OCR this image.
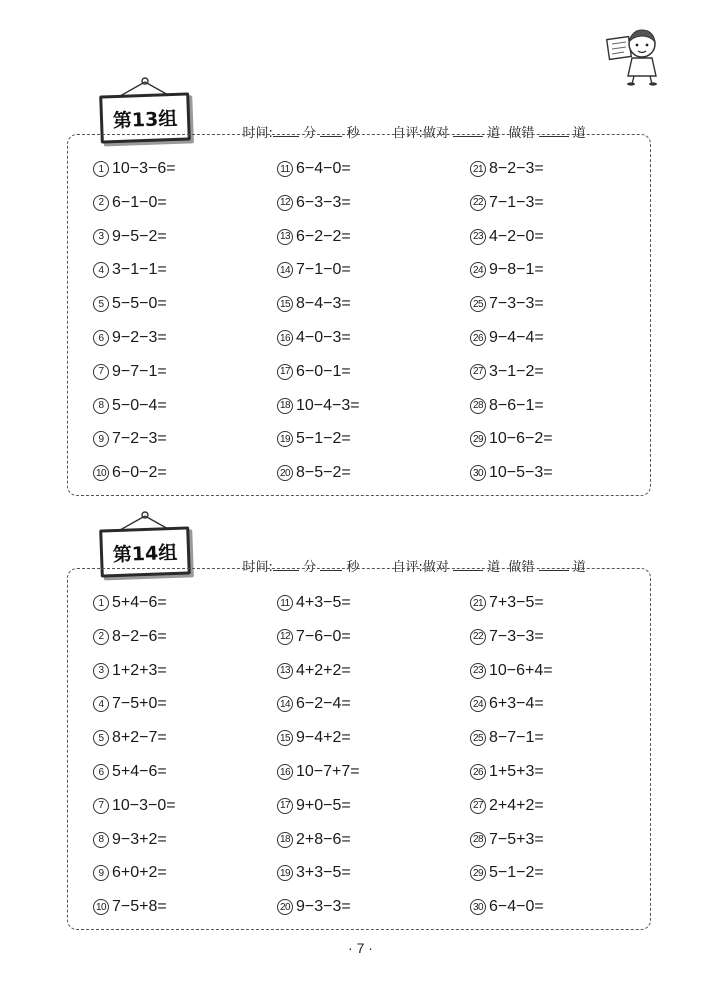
第13组

时间: 分 秒	自评:做对	道 做错	道

1 10−3−6=
2 6−1−0=
3 9−5−2=
4 3−1−1=
5 5−5−0=
6 9−2−3=
7 9−7−1=
8 5−0−4=
9 7−2−3=
10 6−0−2=
11 6−4−0=
12 6−3−3=
13 6−2−2=
14 7−1−0=
15 8−4−3=
16 4−0−3=
17 6−0−1=
18 10−4−3=
19 5−1−2=
20 8−5−2=
21 8−2−3=
22 7−1−3=
23 4−2−0=
24 9−8−1=
25 7−3−3=
26 9−4−4=
27 3−1−2=
28 8−6−1=
29 10−6−2=
30 10−5−3=
第14组

时间: 分 秒	自评:做对	道 做错	道

1 5+4−6=
2 8−2−6=
3 1+2+3=
4 7−5+0=
5 8+2−7=
6 5+4−6=
7 10−3−0=
8 9−3+2=
9 6+0+2=
10 7−5+8=
11 4+3−5=
12 7−6−0=
13 4+2+2=
14 6−2−4=
15 9−4+2=
16 10−7+7=
17 9+0−5=
18 2+8−6=
19 3+3−5=
20 9−3−3=
21 7+3−5=
22 7−3−3=
23 10−6+4=
24 6+3−4=
25 8−7−1=
26 1+5+3=
27 2+4+2=
28 7−5+3=
29 5−1−2=
30 6−4−0=
· 7 ·
